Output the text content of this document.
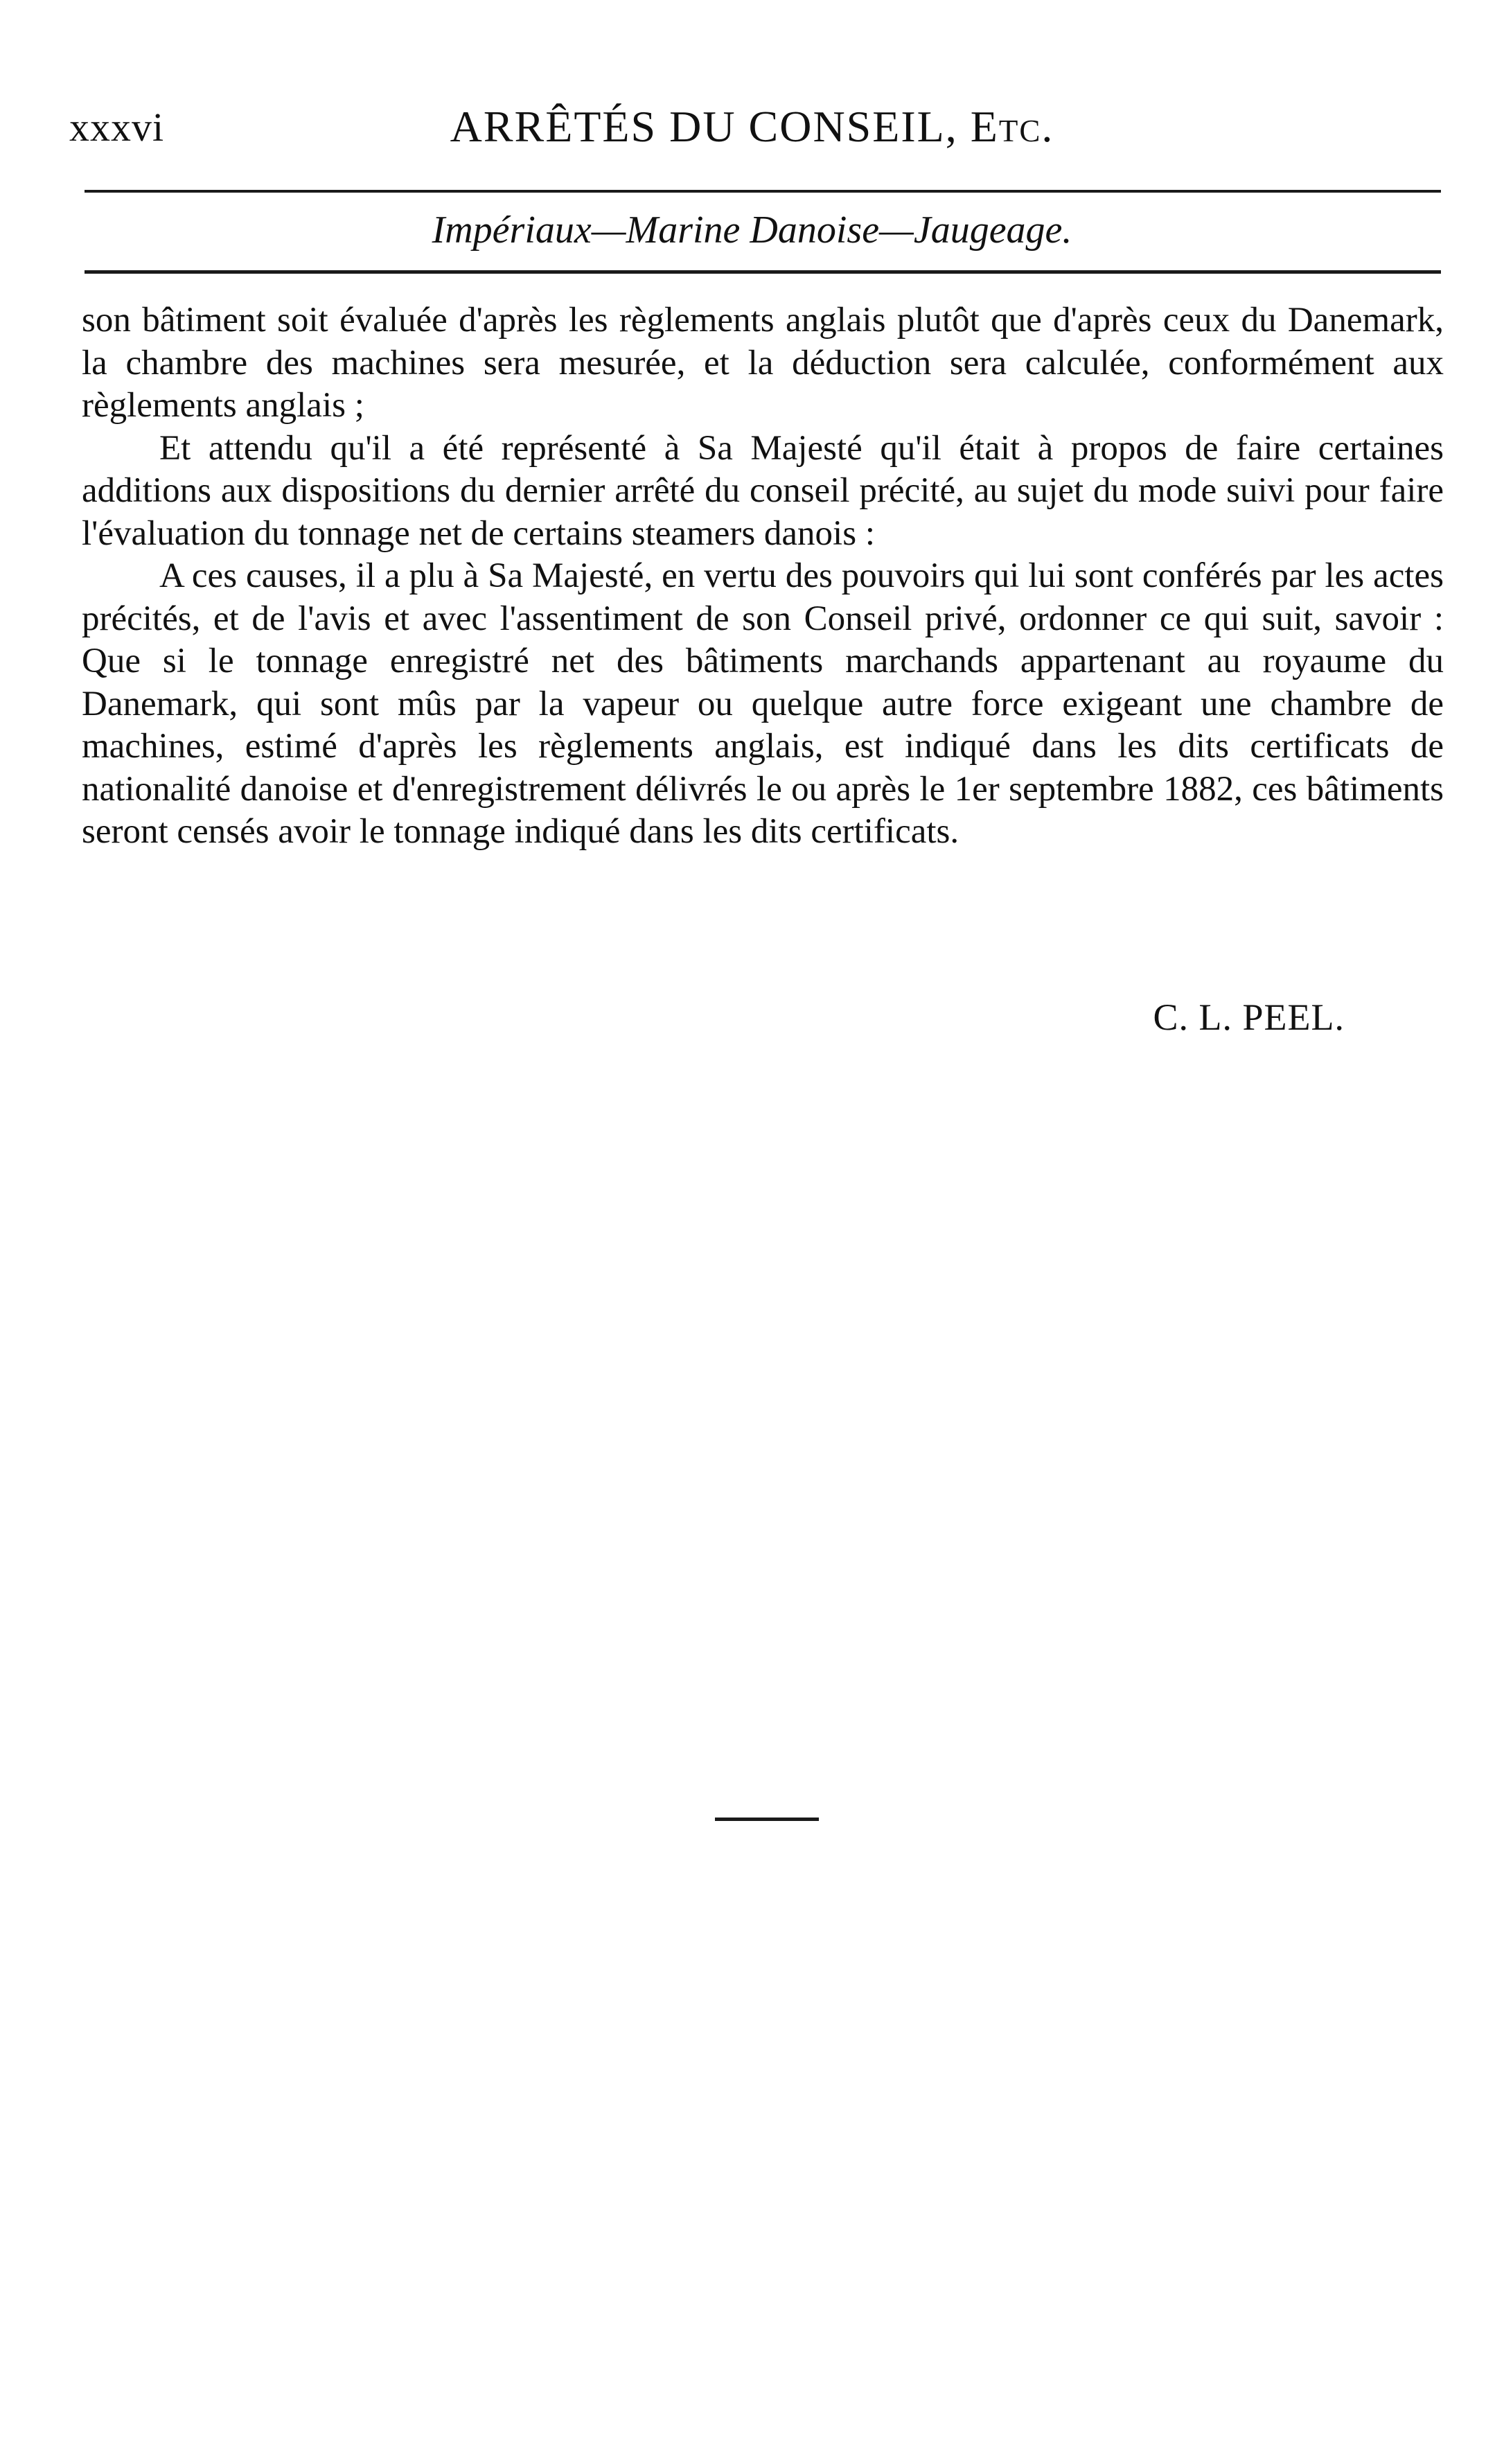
xxxvi	ARRÊTÉS DU CONSEIL, Etc.
Impériaux—Marine Danoise—Jaugeage.

son bâtiment soit évaluée d'après les règlements anglais plutôt que d'après ceux du Danemark, la chambre des machines sera mesurée, et la déduction sera calculée, conformément aux règlements anglais ;

Et attendu qu'il a été représenté à Sa Majesté qu'il était à propos de faire certaines additions aux dispositions du dernier arrêté du conseil précité, au sujet du mode suivi pour faire l'évaluation du tonnage net de certains steamers danois :

A ces causes, il a plu à Sa Majesté, en vertu des pouvoirs qui lui sont conférés par les actes précités, et de l'avis et avec l'assentiment de son Conseil privé, ordonner ce qui suit, savoir : Que si le tonnage enregistré net des bâtiments marchands appartenant au royaume du Danemark, qui sont mûs par la vapeur ou quelque autre force exigeant une chambre de machines, estimé d'après les règlements anglais, est indiqué dans les dits certificats de nationalité danoise et d'enregistrement délivrés le ou après le 1er septembre 1882, ces bâtiments seront censés avoir le tonnage indiqué dans les dits certificats.

C. L. PEEL.
